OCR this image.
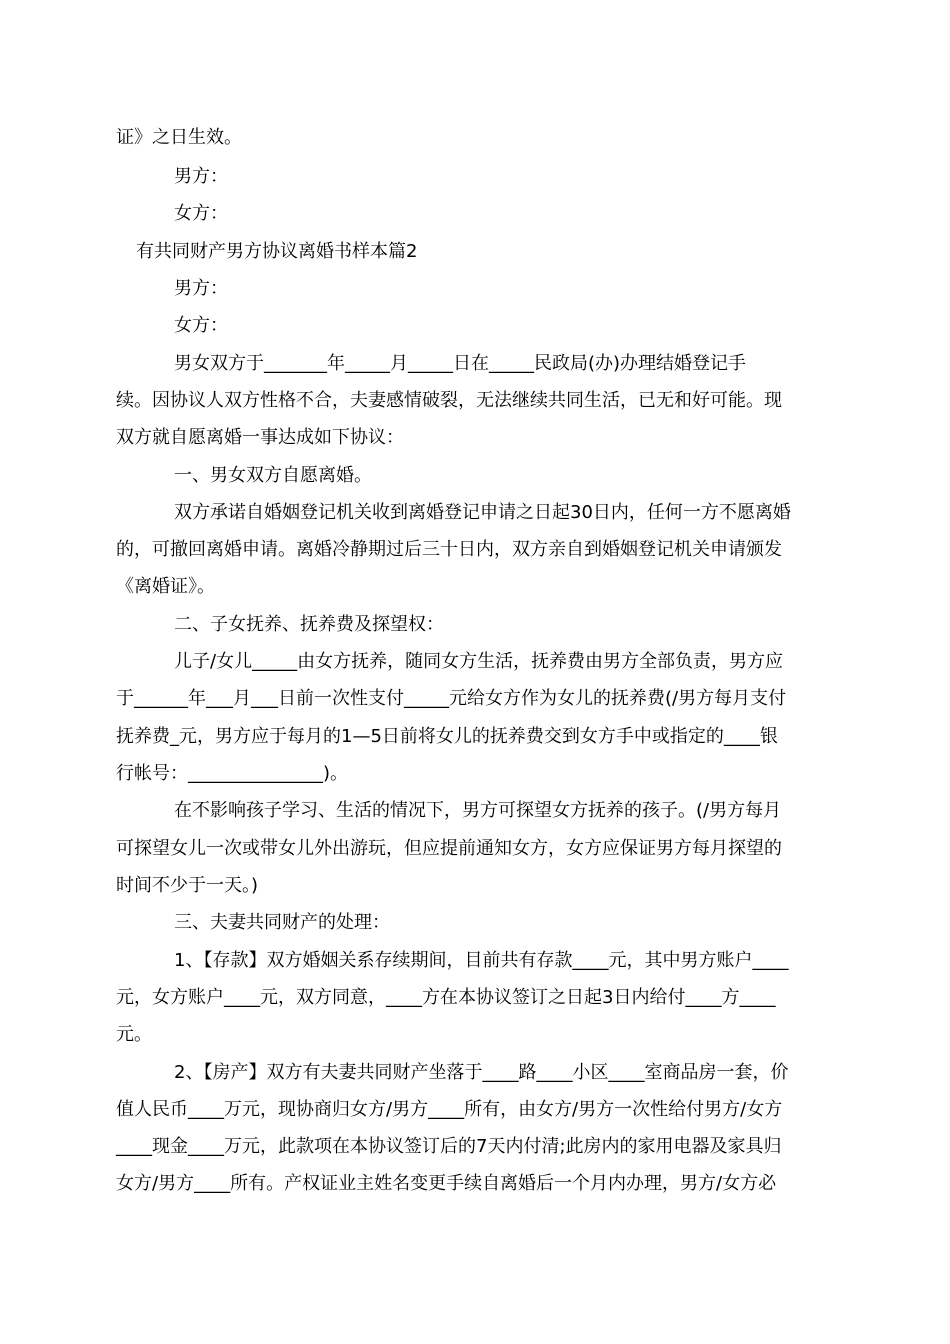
证》之日生效。
男方：
女方：
有共同财产男方协议离婚书样本篇2
男方：
女方：
男女双方于_______年_____月_____日在_____民政局(办)办理结婚登记手
续。因协议人双方性格不合，夫妻感情破裂，无法继续共同生活，已无和好可能。现
双方就自愿离婚一事达成如下协议：
一、男女双方自愿离婚。
双方承诺自婚姻登记机关收到离婚登记申请之日起30日内，任何一方不愿离婚
的，可撤回离婚申请。离婚冷静期过后三十日内，双方亲自到婚姻登记机关申请颁发
《离婚证》。
二、子女抚养、抚养费及探望权：
儿子/女儿_____由女方抚养，随同女方生活，抚养费由男方全部负责，男方应
于______年___月___日前一次性支付_____元给女方作为女儿的抚养费(/男方每月支付
抚养费_元，男方应于每月的1—5日前将女儿的抚养费交到女方手中或指定的____银
行帐号：_______________)。
在不影响孩子学习、生活的情况下，男方可探望女方抚养的孩子。(/男方每月
可探望女儿一次或带女儿外出游玩，但应提前通知女方，女方应保证男方每月探望的
时间不少于一天。)
三、夫妻共同财产的处理：
1、【存款】双方婚姻关系存续期间，目前共有存款____元，其中男方账户____
元，女方账户____元，双方同意，____方在本协议签订之日起3日内给付____方____
元。
2、【房产】双方有夫妻共同财产坐落于____路____小区____室商品房一套，价
值人民币____万元，现协商归女方/男方____所有，由女方/男方一次性给付男方/女方
____现金____万元，此款项在本协议签订后的7天内付清;此房内的家用电器及家具归
女方/男方____所有。产权证业主姓名变更手续自离婚后一个月内办理，男方/女方必
